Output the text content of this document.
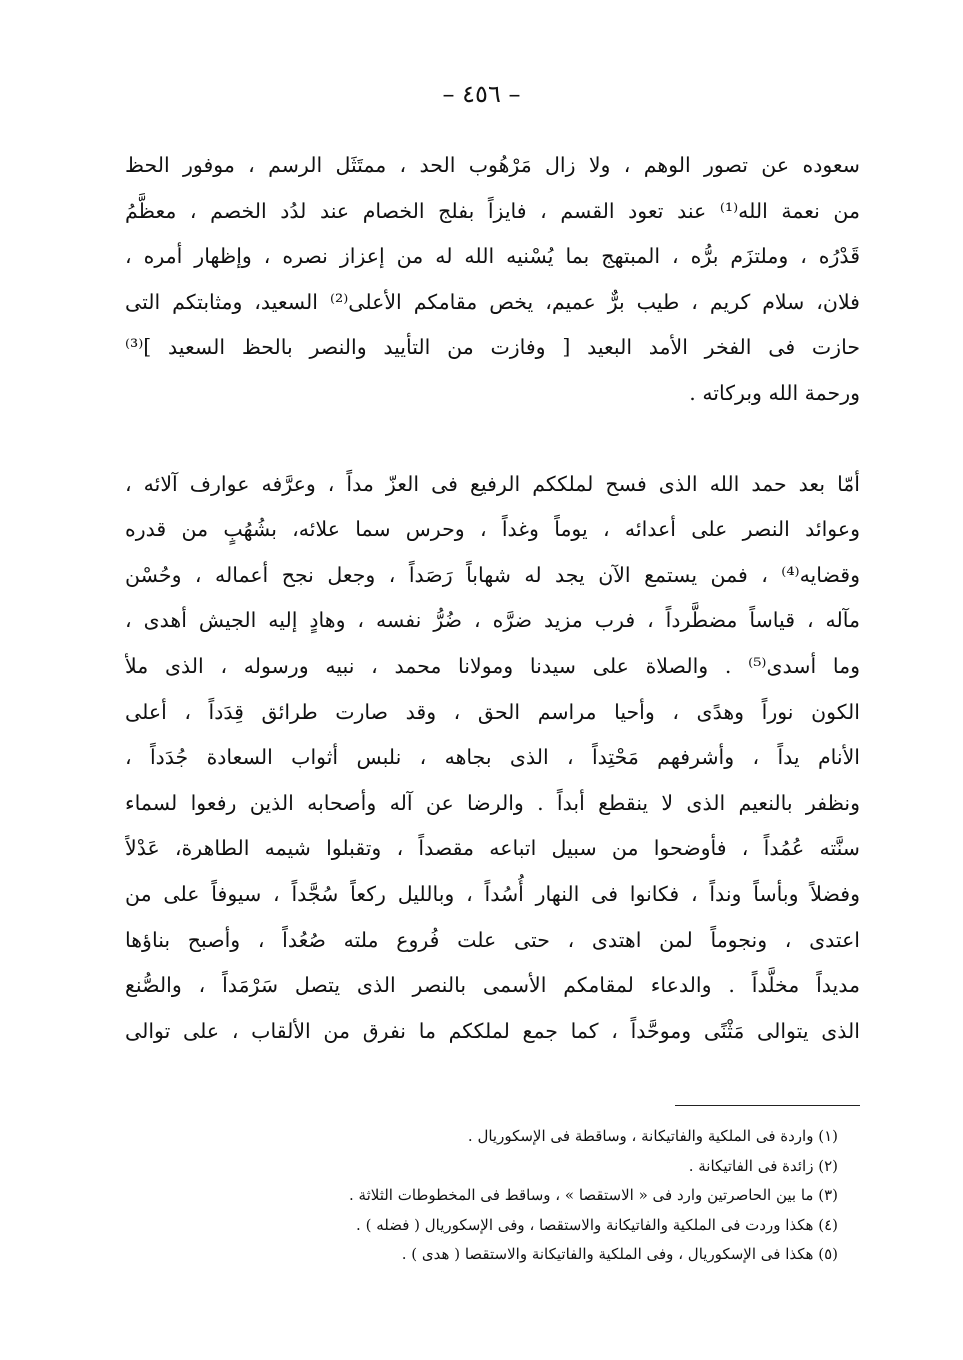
– ٤٥٦ –
سعوده عن تصور الوهم ، ولا زال مَرْهُوب الحد ، ممتَثَل الرسم ، موفور الحظ
من نعمة الله⁽¹⁾ عند تعود القسم ، فايزاً بفلج الخصام عند لدُد الخصم ، معظَّمُ
قَدْرُه ، وملتزَم برُّه ، المبتهج بما يُسْنيه الله له من إعزاز نصره ، وإظهار أمره ،
فلان، سلام كريم ، طيب برٌّ عميم، يخص مقامكم الأعلى⁽²⁾ السعيد، ومثابتكم التى
حازت فى الفخر الأمد البعيد [ وفازت من التأييد والنصر بالحظ السعيد ]⁽³⁾
ورحمة الله وبركاته .
أمّا بعد حمد الله الذى فسح لملككم الرفيع فى العزّ مداً ، وعرَّفه عوارف آلائه ،
وعوائد النصر على أعدائه ، يوماً وغداً ، وحرس سما علائه، بشُهُبٍ من قدره
وقضايه⁽⁴⁾ ، فمن يستمع الآن يجد له شهاباً رَصَداً ، وجعل نجح أعماله ، وحُسْن
مآله ، قياساً مضطَّرداً ، فرب مزيد ضرَّه ، ضُرُّ نفسه ، وهادٍ إليه الجيش أهدى ،
وما أسدى⁽⁵⁾ . والصلاة على سيدنا ومولانا محمد ، نبيه ورسوله ، الذى ملأ
الكون نوراً وهدًى ، وأحيا مراسم الحق ، وقد صارت طرائق قِدَداً ، أعلى
الأنام يداً ، وأشرفهم مَحْتِداً ، الذى بجاهه ، نلبس أثواب السعادة جُدَداً ،
ونظفر بالنعيم الذى لا ينقطع أبداً . والرضا عن آله وأصحابه الذين رفعوا لسماء
سنَّته عُمُداً ، فأوضحوا من سبيل اتباعه مقصداً ، وتقبلوا شيمه الطاهرة، عَدْلاً
وفضلاً وبأساً ونداً ، فكانوا فى النهار أُسُداً ، وبالليل ركعاً سُجَّداً ، سيوفاً على من
اعتدى ، ونجوماً لمن اهتدى ، حتى علت فُروع ملته صُعُداً ، وأصبح بناؤها
مديداً مخلَّداً . والدعاء لمقامكم الأسمى بالنصر الذى يتصل سَرْمَداً ، والصُّنع
الذى يتوالى مَثْنًى وموحَّداً ، كما جمع لملككم ما نفرق من الألقاب ، على توالى
(١) واردة فى الملكية والفاتيكانة ، وساقطة فى الإسكوريال .
(٢) زائدة فى الفاتيكانة .
(٣) ما بين الحاصرتين وارد فى « الاستقصا » ، وساقط فى المخطوطات الثلاثة .
(٤) هكذا وردت فى الملكية والفاتيكانة والاستقصا ، وفى الإسكوريال ( فضله ) .
(٥) هكذا فى الإسكوريال ، وفى الملكية والفاتيكانة والاستقصا ( هدى ) .
